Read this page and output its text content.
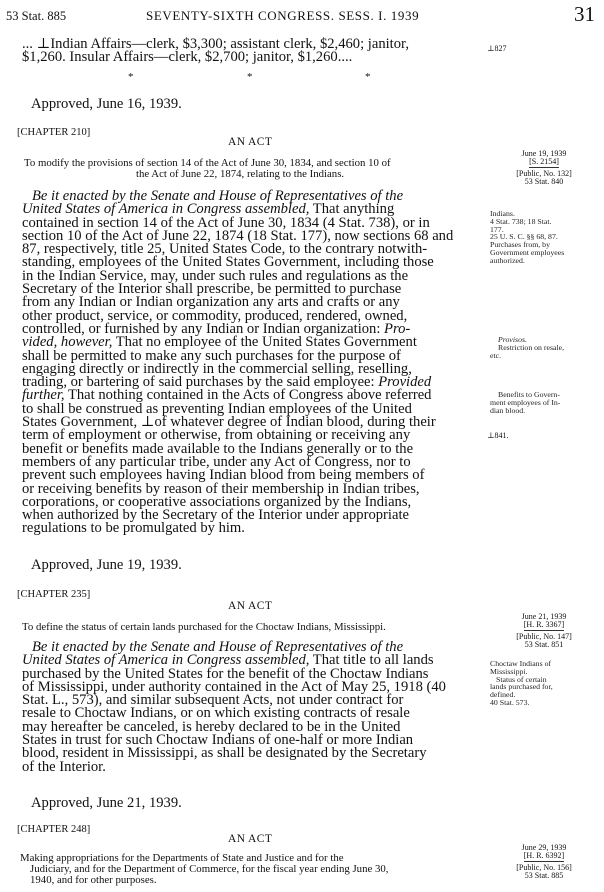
53 Stat. 885	SEVENTY-SIXTH CONGRESS. SESS. I. 1939	31
... ⊥Indian Affairs—clerk, $3,300; assistant clerk, $2,460; janitor,
$1,260. Insular Affairs—clerk, $2,700; janitor, $1,260....
⊥827
*	*	*
Approved, June 16, 1939.
[CHAPTER 210]
AN ACT
To modify the provisions of section 14 of the Act of June 30, 1834, and section 10 of
the Act of June 22, 1874, relating to the Indians.
June 19, 1939
[S. 2154]
[Public, No. 132]
53 Stat. 840
Be it enacted by the Senate and House of Representatives of the
United States of America in Congress assembled, That anything
contained in section 14 of the Act of June 30, 1834 (4 Stat. 738), or in
section 10 of the Act of June 22, 1874 (18 Stat. 177), now sections 68 and
87, respectively, title 25, United States Code, to the contrary notwith-
standing, employees of the United States Government, including those
in the Indian Service, may, under such rules and regulations as the
Secretary of the Interior shall prescribe, be permitted to purchase
from any Indian or Indian organization any arts and crafts or any
other product, service, or commodity, produced, rendered, owned,
controlled, or furnished by any Indian or Indian organization: Pro-
vided, however, That no employee of the United States Government
shall be permitted to make any such purchases for the purpose of
engaging directly or indirectly in the commercial selling, reselling,
trading, or bartering of said purchases by the said employee: Provided
further, That nothing contained in the Acts of Congress above referred
to shall be construed as preventing Indian employees of the United
States Government, ⊥of whatever degree of Indian blood, during their
term of employment or otherwise, from obtaining or receiving any
benefit or benefits made available to the Indians generally or to the
members of any particular tribe, under any Act of Congress, nor to
prevent such employees having Indian blood from being members of
or receiving benefits by reason of their membership in Indian tribes,
corporations, or cooperative associations organized by the Indians,
when authorized by the Secretary of the Interior under appropriate
regulations to be promulgated by him.
Approved, June 19, 1939.
Indians.
4 Stat. 738; 18 Stat.
177.
25 U. S. C. §§ 68, 87.
Purchases from, by
Government employees
authorized.
Provisos.
Restriction on resale,
etc.
Benefits to Govern-
ment employees of In-
dian blood.
⊥841.
[CHAPTER 235]
AN ACT
To define the status of certain lands purchased for the Choctaw Indians, Mississippi.
June 21, 1939
[H. R. 3367]
[Public, No. 147]
53 Stat. 851
Be it enacted by the Senate and House of Representatives of the
United States of America in Congress assembled, That title to all lands
purchased by the United States for the benefit of the Choctaw Indians
of Mississippi, under authority contained in the Act of May 25, 1918 (40
Stat. L., 573), and similar subsequent Acts, not under contract for
resale to Choctaw Indians, or on which existing contracts of resale
may hereafter be canceled, is hereby declared to be in the United
States in trust for such Choctaw Indians of one-half or more Indian
blood, resident in Mississippi, as shall be designated by the Secretary
of the Interior.
Choctaw Indians of
Mississippi.
Status of certain
lands purchased for,
defined.
40 Stat. 573.
Approved, June 21, 1939.
[CHAPTER 248]
AN ACT
Making appropriations for the Departments of State and Justice and for the
Judiciary, and for the Department of Commerce, for the fiscal year ending June 30,
1940, and for other purposes.
June 29, 1939
[H. R. 6392]
[Public, No. 156]
53 Stat. 885
